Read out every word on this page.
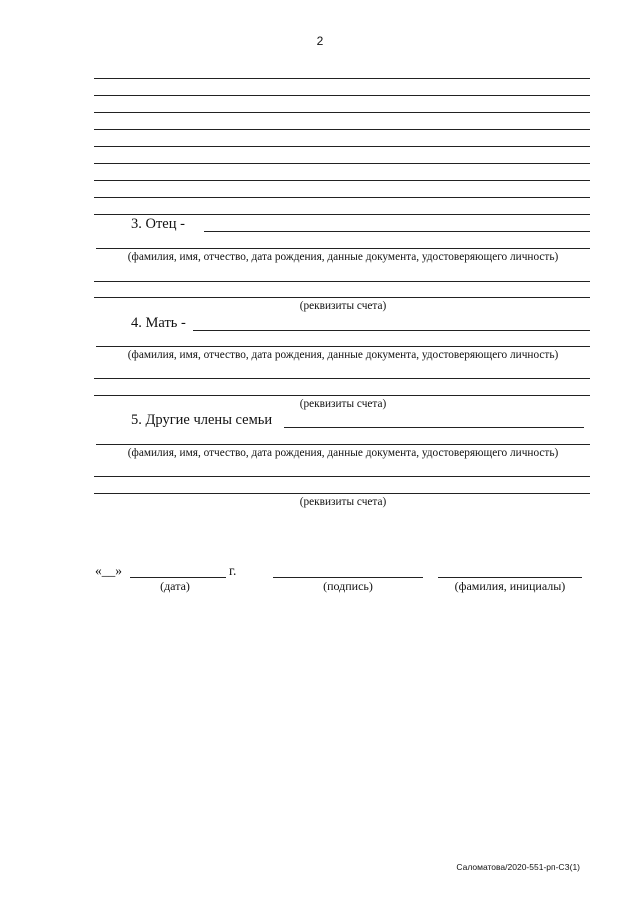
2
3. Отец -
(фамилия, имя, отчество, дата рождения, данные документа, удостоверяющего личность)
(реквизиты счета)
4. Мать -
(фамилия, имя, отчество, дата рождения, данные документа, удостоверяющего личность)
(реквизиты счета)
5. Другие члены семьи
(фамилия, имя, отчество, дата рождения, данные документа, удостоверяющего личность)
(реквизиты счета)
«__»	г.
(дата)	(подпись)	(фамилия, инициалы)
Саломатова/2020-551-рп-СЗ(1)
